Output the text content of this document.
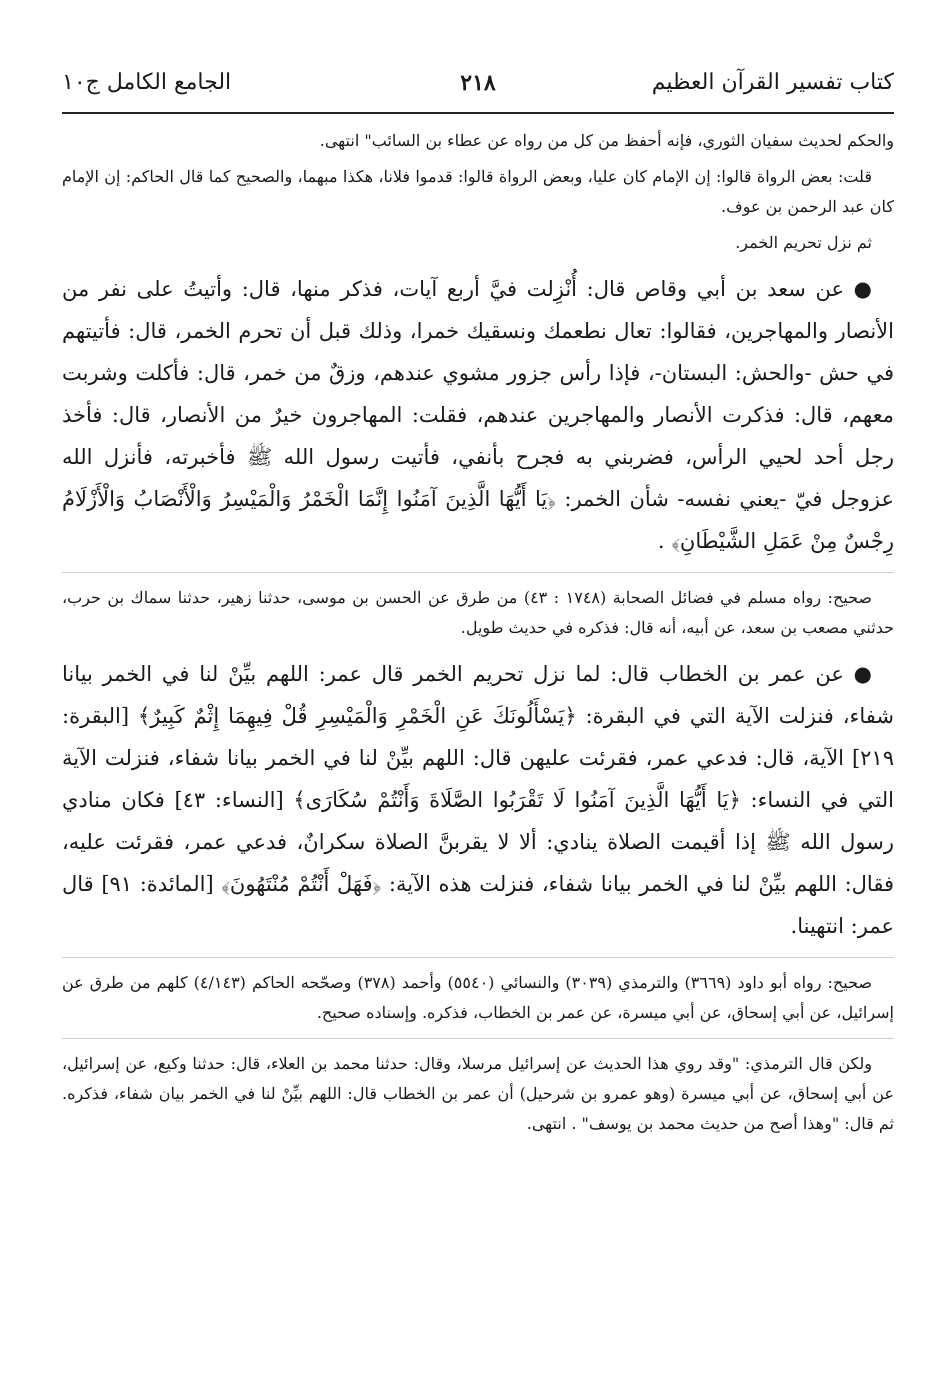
كتاب تفسير القرآن العظيم
٢١٨
الجامع الكامل ج١٠

والحكم لحديث سفيان الثوري، فإنه أحفظ من كل من رواه عن عطاء بن السائب" انتهى.

قلت: بعض الرواة قالوا: إن الإمام كان عليا، وبعض الرواة قالوا: قدموا فلانا، هكذا مبهما، والصحيح كما قال الحاكم: إن الإمام كان عبد الرحمن بن عوف.

ثم نزل تحريم الخمر.

● عن سعد بن أبي وقاص قال: أُنْزِلت فيَّ أربع آيات، فذكر منها، قال: وأتيتُ على نفر من الأنصار والمهاجرين، فقالوا: تعال نطعمك ونسقيك خمرا، وذلك قبل أن تحرم الخمر، قال: فأتيتهم في حش -والحش: البستان-، فإذا رأس جزور مشوي عندهم، وزقٌ من خمر، قال: فأكلت وشربت معهم، قال: فذكرت الأنصار والمهاجرين عندهم، فقلت: المهاجرون خيرٌ من الأنصار، قال: فأخذ رجل أحد لحيي الرأس، فضربني به فجرح بأنفي، فأتيت رسول الله ﷺ فأخبرته، فأنزل الله عزوجل فيّ -يعني نفسه- شأن الخمر: ﴿يَا أَيُّهَا الَّذِينَ آمَنُوا إِنَّمَا الْخَمْرُ وَالْمَيْسِرُ وَالْأَنْصَابُ وَالْأَزْلَامُ رِجْسٌ مِنْ عَمَلِ الشَّيْطَانِ﴾ .

صحيح: رواه مسلم في فضائل الصحابة (١٧٤٨ : ٤٣) من طرق عن الحسن بن موسى، حدثنا زهير، حدثنا سماك بن حرب، حدثني مصعب بن سعد، عن أبيه، أنه قال: فذكره في حديث طويل.

● عن عمر بن الخطاب قال: لما نزل تحريم الخمر قال عمر: اللهم بيِّنْ لنا في الخمر بيانا شفاء، فنزلت الآية التي في البقرة: ﴿يَسْأَلُونَكَ عَنِ الْخَمْرِ وَالْمَيْسِرِ قُلْ فِيهِمَا إِثْمٌ كَبِيرٌ﴾ [البقرة: ٢١٩] الآية، قال: فدعي عمر، فقرئت عليهن قال: اللهم بيِّنْ لنا في الخمر بيانا شفاء، فنزلت الآية التي في النساء: ﴿يَا أَيُّهَا الَّذِينَ آمَنُوا لَا تَقْرَبُوا الصَّلَاةَ وَأَنْتُمْ سُكَارَى﴾ [النساء: ٤٣] فكان منادي رسول الله ﷺ إذا أقيمت الصلاة ينادي: ألا لا يقربنَّ الصلاة سكرانٌ، فدعي عمر، فقرئت عليه، فقال: اللهم بيِّنْ لنا في الخمر بيانا شفاء، فنزلت هذه الآية: ﴿فَهَلْ أَنْتُمْ مُنْتَهُونَ﴾ [المائدة: ٩١] قال عمر: انتهينا.

صحيح: رواه أبو داود (٣٦٦٩) والترمذي (٣٠٣٩) والنسائي (٥٥٤٠) وأحمد (٣٧٨) وصحّحه الحاكم (٤/١٤٣) كلهم من طرق عن إسرائيل، عن أبي إسحاق، عن أبي ميسرة، عن عمر بن الخطاب، فذكره. وإسناده صحيح.

ولكن قال الترمذي: "وقد روي هذا الحديث عن إسرائيل مرسلا، وقال: حدثنا محمد بن العلاء، قال: حدثنا وكيع، عن إسرائيل، عن أبي إسحاق، عن أبي ميسرة (وهو عمرو بن شرحيل) أن عمر بن الخطاب قال: اللهم بيِّنْ لنا في الخمر بيان شفاء، فذكره. ثم قال: "وهذا أصح من حديث محمد بن يوسف" . انتهى.
